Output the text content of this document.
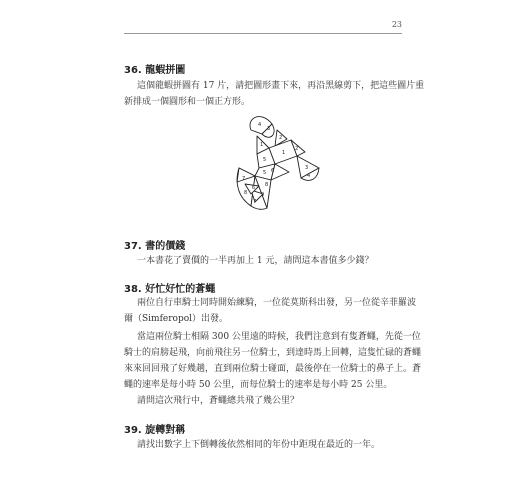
23
36. 龍蝦拼圖
這個龍蝦拼圖有 17 片，請把圖形畫下來，再沿黑線剪下，把這些圖片重
新排成一個圓形和一個正方形。
4
3
1
2
1
2
5
6	3
4
5
7
6
8	9
7
8
37. 書的價錢
一本書花了賣價的一半再加上 1 元，請問這本書值多少錢？
38. 好忙好忙的蒼蠅
兩位自行車騎士同時開始練騎，一位從莫斯科出發，另一位從辛菲羅波
爾（Simferopol）出發。
當這兩位騎士相隔 300 公里遠的時候，我們注意到有隻蒼蠅，先從一位
騎士的肩膀起飛，向前飛往另一位騎士，到達時馬上回轉，這隻忙碌的蒼蠅
來來回回飛了好幾趟，直到兩位騎士碰面，最後停在一位騎士的鼻子上。蒼
蠅的速率是每小時 50 公里，而每位騎士的速率是每小時 25 公里。
請問這次飛行中，蒼蠅總共飛了幾公里？
39. 旋轉對稱
請找出數字上下倒轉後依然相同的年份中距現在最近的一年。
